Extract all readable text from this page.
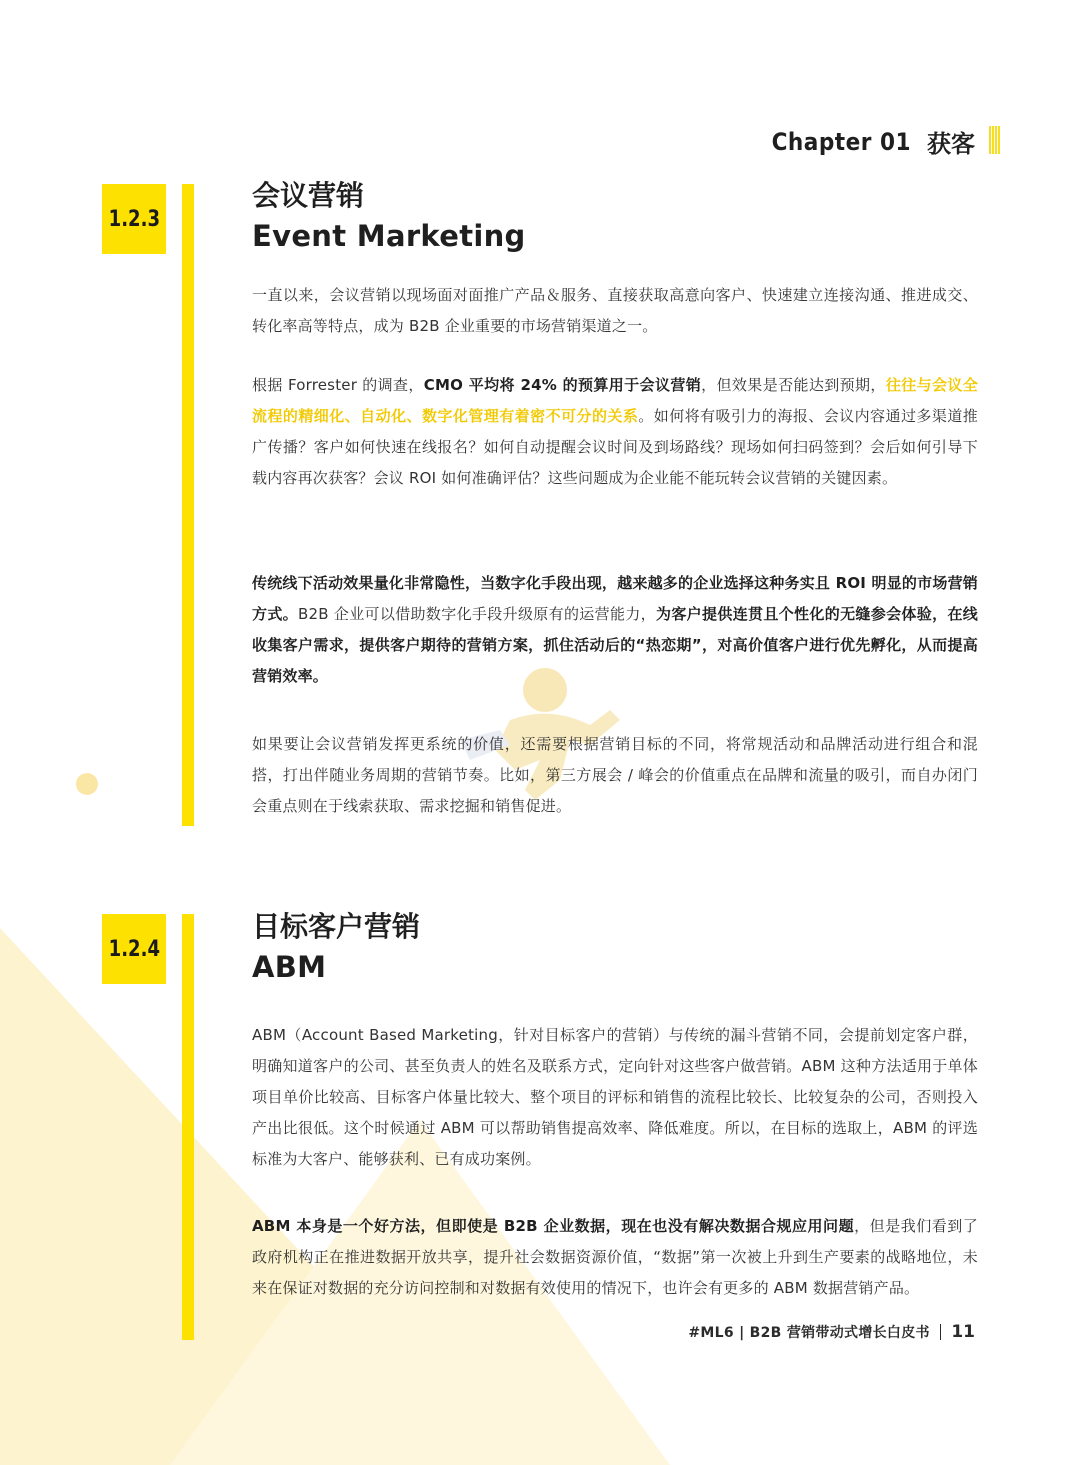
Chapter 01 获客
1.2.3
会议营销
Event Marketing

一直以来，会议营销以现场面对面推广产品＆服务、直接获取高意向客户、快速建立连接沟通、推进成交、转化率高等特点，成为 B2B 企业重要的市场营销渠道之一。

根据 Forrester 的调查，CMO 平均将 24% 的预算用于会议营销，但效果是否能达到预期，往往与会议全流程的精细化、自动化、数字化管理有着密不可分的关系。如何将有吸引力的海报、会议内容通过多渠道推广传播？客户如何快速在线报名？如何自动提醒会议时间及到场路线？现场如何扫码签到？会后如何引导下载内容再次获客？会议 ROI 如何准确评估？这些问题成为企业能不能玩转会议营销的关键因素。

传统线下活动效果量化非常隐性，当数字化手段出现，越来越多的企业选择这种务实且 ROI 明显的市场营销方式。B2B 企业可以借助数字化手段升级原有的运营能力，为客户提供连贯且个性化的无缝参会体验，在线收集客户需求，提供客户期待的营销方案，抓住活动后的“热恋期”，对高价值客户进行优先孵化，从而提高营销效率。

如果要让会议营销发挥更系统的价值，还需要根据营销目标的不同，将常规活动和品牌活动进行组合和混搭，打出伴随业务周期的营销节奏。比如，第三方展会 / 峰会的价值重点在品牌和流量的吸引，而自办闭门会重点则在于线索获取、需求挖掘和销售促进。

1.2.4
目标客户营销
ABM

ABM（Account Based Marketing，针对目标客户的营销）与传统的漏斗营销不同，会提前划定客户群，明确知道客户的公司、甚至负责人的姓名及联系方式，定向针对这些客户做营销。ABM 这种方法适用于单体项目单价比较高、目标客户体量比较大、整个项目的评标和销售的流程比较长、比较复杂的公司，否则投入产出比很低。这个时候通过 ABM 可以帮助销售提高效率、降低难度。所以，在目标的选取上，ABM 的评选标准为大客户、能够获利、已有成功案例。

ABM 本身是一个好方法，但即使是 B2B 企业数据，现在也没有解决数据合规应用问题，但是我们看到了政府机构正在推进数据开放共享，提升社会数据资源价值，“数据”第一次被上升到生产要素的战略地位，未来在保证对数据的充分访问控制和对数据有效使用的情况下，也许会有更多的 ABM 数据营销产品。

#ML6 | B2B 营销带动式增长白皮书 11
